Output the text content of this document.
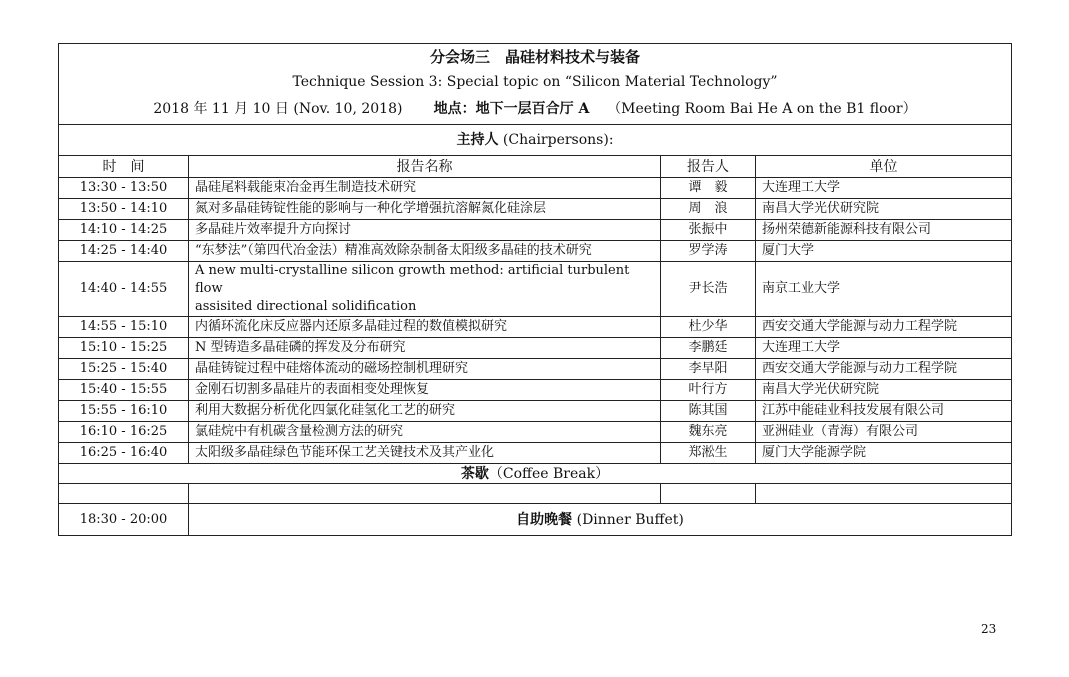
分会场三　晶硅材料技术与装备			
Technique Session 3: Special topic on “Silicon Material Technology”			
2018 年 11 月 10 日 (Nov. 10, 2018) 地点：地下一层百合厅 A （Meeting Room Bai He A on the B1 floor）			
主持人 (Chairpersons):			
时　间	报告名称	报告人	单位
13:30 - 13:50	晶硅尾料载能束冶金再生制造技术研究	谭　毅	大连理工大学
13:50 - 14:10	氮对多晶硅铸锭性能的影响与一种化学增强抗溶解氮化硅涂层	周　浪	南昌大学光伏研究院
14:10 - 14:25	多晶硅片效率提升方向探讨	张振中	扬州荣德新能源科技有限公司
14:25 - 14:40	“东梦法”（第四代冶金法）精准高效除杂制备太阳级多晶硅的技术研究	罗学涛	厦门大学
14:40 - 14:55	A new multi-crystalline silicon growth method: artificial turbulent flow
assisited directional solidification	尹长浩	南京工业大学
14:55 - 15:10	内循环流化床反应器内还原多晶硅过程的数值模拟研究	杜少华	西安交通大学能源与动力工程学院
15:10 - 15:25	N 型铸造多晶硅磷的挥发及分布研究	李鹏廷	大连理工大学
15:25 - 15:40	晶硅铸锭过程中硅熔体流动的磁场控制机理研究	李早阳	西安交通大学能源与动力工程学院
15:40 - 15:55	金刚石切割多晶硅片的表面相变处理恢复	叶行方	南昌大学光伏研究院
15:55 - 16:10	利用大数据分析优化四氯化硅氢化工艺的研究	陈其国	江苏中能硅业科技发展有限公司
16:10 - 16:25	氯硅烷中有机碳含量检测方法的研究	魏东亮	亚洲硅业（青海）有限公司
16:25 - 16:40	太阳级多晶硅绿色节能环保工艺关键技术及其产业化	郑淞生	厦门大学能源学院
茶歇（Coffee Break）			

18:30 - 20:00	自助晚餐 (Dinner Buffet)		
23
